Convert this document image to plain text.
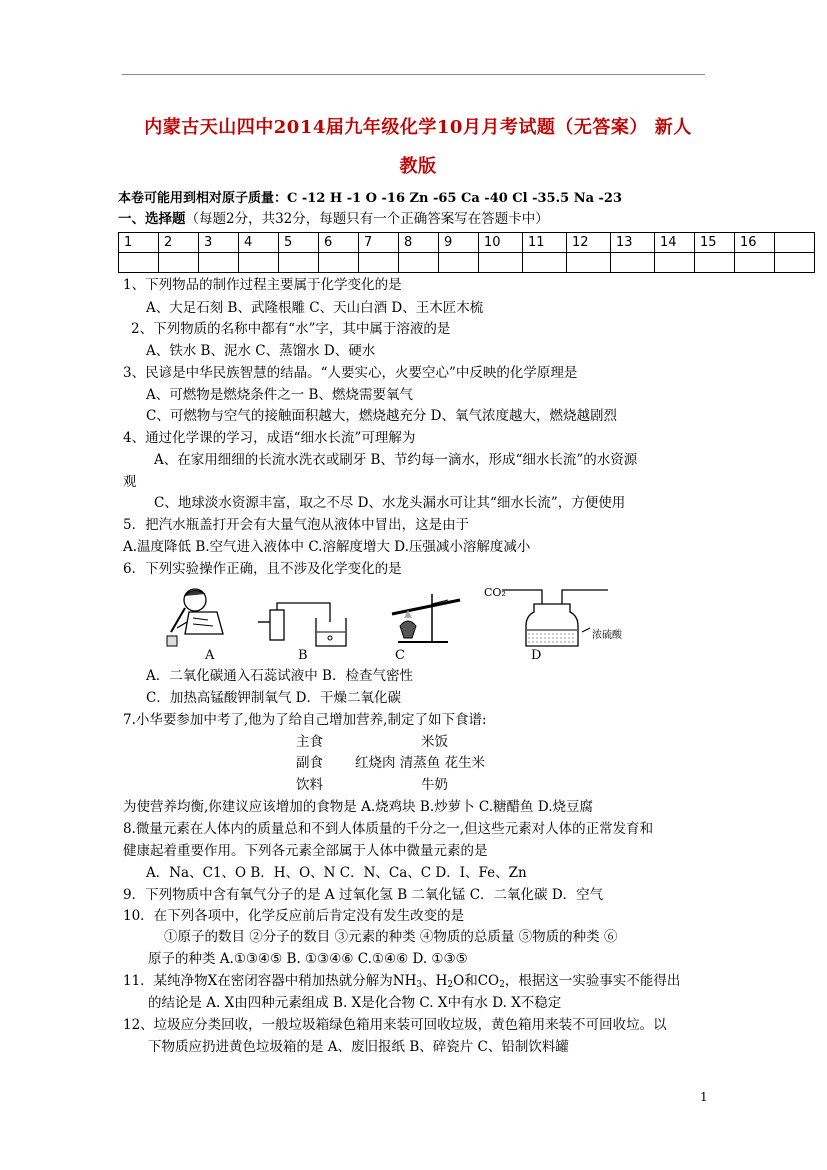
内蒙古天山四中2014届九年级化学10月月考试题（无答案） 新人
教版
本卷可能用到相对原子质量：C -12 H -1 O -16 Zn -65 Ca -40 Cl -35.5 Na -23
一、选择题（每题2分，共32分，每题只有一个正确答案写在答题卡中）
1	2	3	4	5	6	7	8	9	10	11	12	13	14	15	16	

1、下列物品的制作过程主要属于化学变化的是
A、大足石刻 B、武隆根雕 C、天山白酒 D、王木匠木梳
2、下列物质的名称中都有“水”字，其中属于溶液的是
A、铁水 B、泥水 C、蒸馏水 D、硬水
3、民谚是中华民族智慧的结晶。“人要实心，火要空心”中反映的化学原理是
A、可燃物是燃烧条件之一 B、燃烧需要氧气
C、可燃物与空气的接触面积越大，燃烧越充分 D、氧气浓度越大，燃烧越剧烈
4、通过化学课的学习，成语“细水长流”可理解为
A、在家用细细的长流水洗衣或刷牙 B、节约每一滴水，形成“细水长流”的水资源
观
C、地球淡水资源丰富，取之不尽 D、水龙头漏水可让其“细水长流”，方便使用
5．把汽水瓶盖打开会有大量气泡从液体中冒出，这是由于
A.温度降低 B.空气进入液体中 C.溶解度增大 D.压强减小溶解度减小
6．下列实验操作正确，且不涉及化学变化的是
CO₂
浓硫酸
A	B	C	D
A．二氧化碳通入石蕊试液中 B．检查气密性
C．加热高锰酸钾制氧气 D．干燥二氧化碳
7.小华要参加中考了,他为了给自己增加营养,制定了如下食谱:
主食	米饭
副食 红烧肉 清蒸鱼 花生米
饮料	牛奶
为使营养均衡,你建议应该增加的食物是 A.烧鸡块 B.炒萝卜 C.糖醋鱼 D.烧豆腐
8.微量元素在人体内的质量总和不到人体质量的千分之一,但这些元素对人体的正常发育和
健康起着重要作用。下列各元素全部属于人体中微量元素的是
A．Na、C1、O B．H、O、N C．N、Ca、C D．I、Fe、Zn
9．下列物质中含有氧气分子的是 A 过氧化氢 B 二氧化锰 C．二氧化碳 D．空气
10．在下列各项中，化学反应前后肯定没有发生改变的是
①原子的数目 ②分子的数目 ③元素的种类 ④物质的总质量 ⑤物质的种类 ⑥
原子的种类 A.①③④⑤ B. ①③④⑥ C.①④⑥ D. ①③⑤
11．某纯净物X在密闭容器中稍加热就分解为$NH_3$、$H_2O$和$CO_2$，根据这一实验事实不能得出
的结论是 A. X由四种元素组成 B. X是化合物 C. X中有水 D. X不稳定
12、垃圾应分类回收，一般垃圾箱绿色箱用来装可回收垃圾，黄色箱用来装不可回收垃。以
下物质应扔进黄色垃圾箱的是 A、废旧报纸 B、碎瓷片 C、铅制饮料罐
1
